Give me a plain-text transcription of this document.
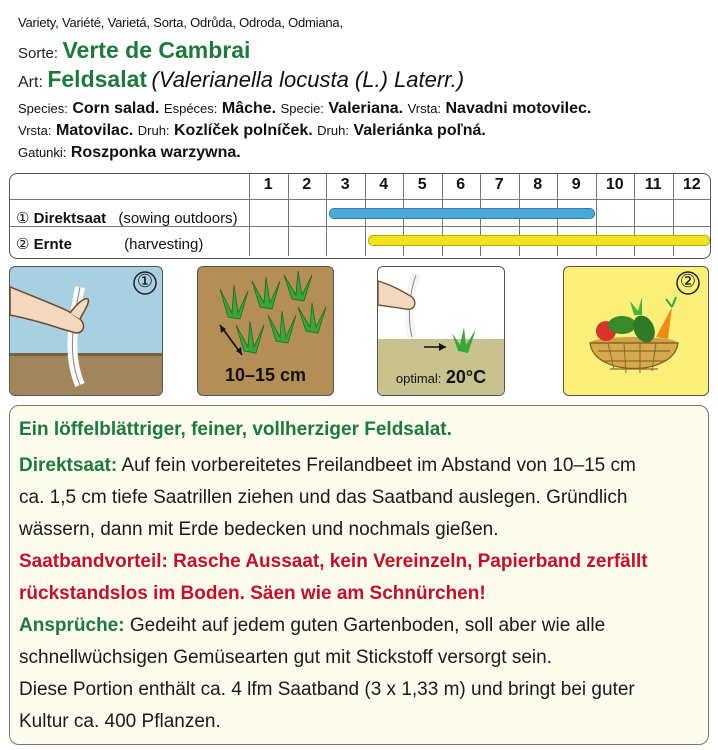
Variety, Variété, Varietá, Sorta, Odrůda, Odroda, Odmiana,
Sorte: Verte de Cambrai
Art: Feldsalat (Valerianella locusta (L.) Laterr.)
Species: Corn salad. Espéces: Mâche. Specie: Valeriana. Vrsta: Navadni motovilec.
Vrsta: Matovilac. Druh: Kozlíček polníček. Druh: Valeriánka poľná.
Gatunki: Roszponka warzywna.
1	2	3	4	5	6	7	8	9	10	11	12
① Direktsaat (sowing outdoors)
② Ernte	(harvesting)
①
10–15 cm	optimal: 20°C
②
Ein löffelblättriger, feiner, vollherziger Feldsalat.
Direktsaat: Auf fein vorbereitetes Freilandbeet im Abstand von 10–15 cm
ca. 1,5 cm tiefe Saatrillen ziehen und das Saatband auslegen. Gründlich
wässern, dann mit Erde bedecken und nochmals gießen.
Saatbandvorteil: Rasche Aussaat, kein Vereinzeln, Papierband zerfällt
rückstandslos im Boden. Säen wie am Schnürchen!
Ansprüche: Gedeiht auf jedem guten Gartenboden, soll aber wie alle
schnellwüchsigen Gemüsearten gut mit Stickstoff versorgt sein.
Diese Portion enthält ca. 4 lfm Saatband (3 x 1,33 m) und bringt bei guter
Kultur ca. 400 Pflanzen.
